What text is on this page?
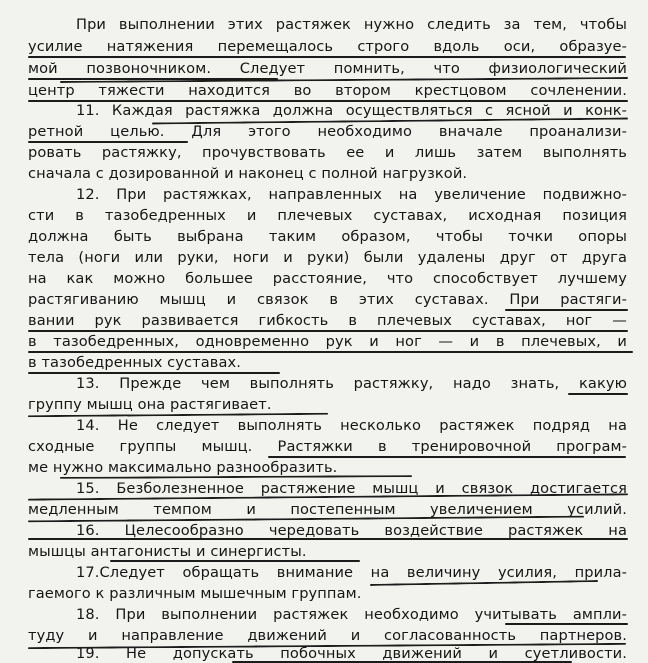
При выполнении этих растяжек нужно следить за тем, чтобы
усилие натяжения перемещалось строго вдоль оси, образуе-
мой позвоночником. Следует помнить, что физиологический
центр тяжести находится во втором крестцовом сочленении.
11. Каждая растяжка должна осуществляться с ясной и конк-
ретной целью. Для этого необходимо вначале проанализи-
ровать растяжку, прочувствовать ее и лишь затем выполнять
сначала с дозированной и наконец с полной нагрузкой.
12. При растяжках, направленных на увеличение подвижно-
сти в тазобедренных и плечевых суставах, исходная позиция
должна быть выбрана таким образом, чтобы точки опоры
тела (ноги или руки, ноги и руки) были удалены друг от друга
на как можно большее расстояние, что способствует лучшему
растягиванию мышц и связок в этих суставах. При растяги-
вании рук развивается гибкость в плечевых суставах, ног —
в тазобедренных, одновременно рук и ног — и в плечевых, и
в тазобедренных суставах.
13. Прежде чем выполнять растяжку, надо знать, какую
группу мышц она растягивает.
14. Не следует выполнять несколько растяжек подряд на
сходные группы мышц. Растяжки в тренировочной програм-
ме нужно максимально разнообразить.
15. Безболезненное растяжение мышц и связок достигается
медленным темпом и постепенным увеличением усилий.
16. Целесообразно чередовать воздействие растяжек на
мышцы антагонисты и синергисты.
17.Следует обращать внимание на величину усилия, прила-
гаемого к различным мышечным группам.
18. При выполнении растяжек необходимо учитывать ампли-
туду и направление движений и согласованность партнеров.
19. Не допускать побочных движений и суетливости.
